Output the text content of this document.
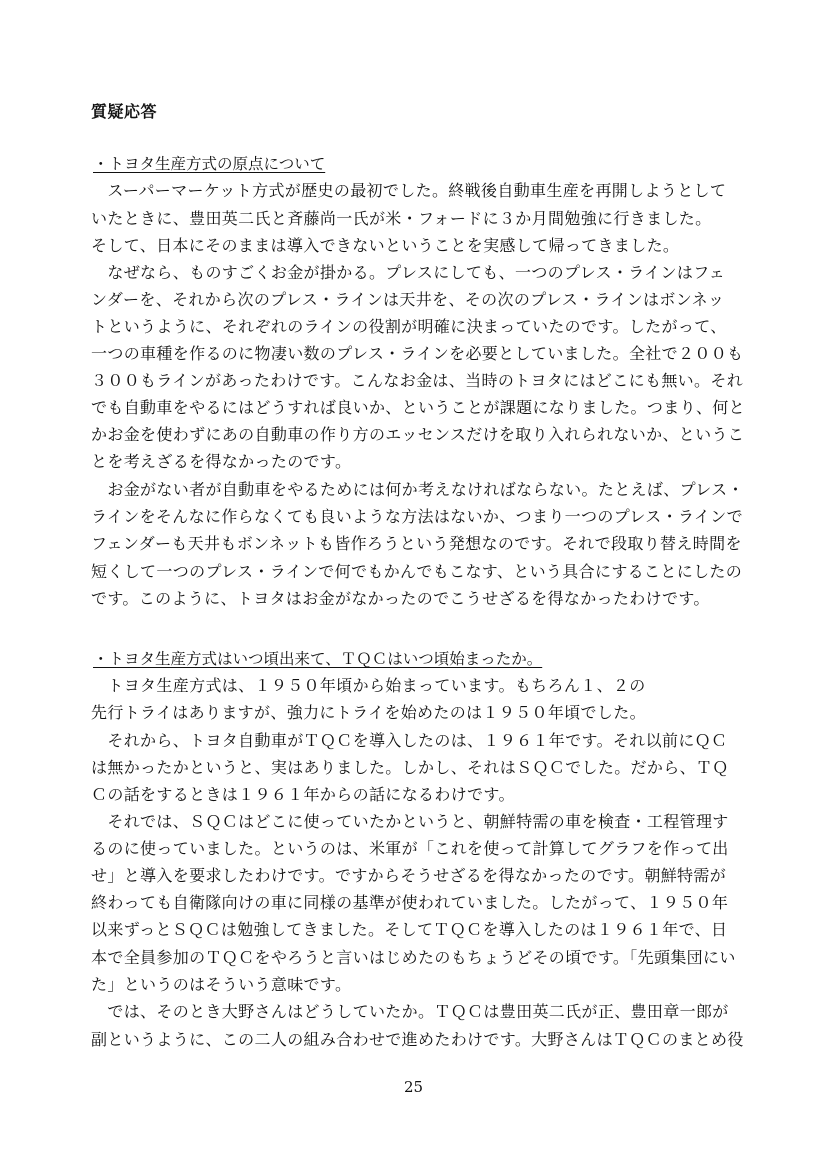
質疑応答
・トヨタ生産方式の原点について
　スーパーマーケット方式が歴史の最初でした。終戦後自動車生産を再開しようとして
いたときに、豊田英二氏と斉藤尚一氏が米・フォードに３か月間勉強に行きました。
そして、日本にそのままは導入できないということを実感して帰ってきました。
　なぜなら、ものすごくお金が掛かる。プレスにしても、一つのプレス・ラインはフェ
ンダーを、それから次のプレス・ラインは天井を、その次のプレス・ラインはボンネッ
トというように、それぞれのラインの役割が明確に決まっていたのです。したがって、
一つの車種を作るのに物凄い数のプレス・ラインを必要としていました。全社で２００も
３００もラインがあったわけです。こんなお金は、当時のトヨタにはどこにも無い。それ
でも自動車をやるにはどうすれば良いか、ということが課題になりました。つまり、何と
かお金を使わずにあの自動車の作り方のエッセンスだけを取り入れられないか、というこ
とを考えざるを得なかったのです。
　お金がない者が自動車をやるためには何か考えなければならない。たとえば、プレス・
ラインをそんなに作らなくても良いような方法はないか、つまり一つのプレス・ラインで
フェンダーも天井もボンネットも皆作ろうという発想なのです。それで段取り替え時間を
短くして一つのプレス・ラインで何でもかんでもこなす、という具合にすることにしたの
です。このように、トヨタはお金がなかったのでこうせざるを得なかったわけです。
・トヨタ生産方式はいつ頃出来て、ＴＱＣはいつ頃始まったか。
　トヨタ生産方式は、１９５０年頃から始まっています。もちろん１、２の
先行トライはありますが、強力にトライを始めたのは１９５０年頃でした。
　それから、トヨタ自動車がＴＱＣを導入したのは、１９６１年です。それ以前にＱＣ
は無かったかというと、実はありました。しかし、それはＳＱＣでした。だから、ＴＱ
Ｃの話をするときは１９６１年からの話になるわけです。
　それでは、ＳＱＣはどこに使っていたかというと、朝鮮特需の車を検査・工程管理す
るのに使っていました。というのは、米軍が「これを使って計算してグラフを作って出
せ」と導入を要求したわけです。ですからそうせざるを得なかったのです。朝鮮特需が
終わっても自衛隊向けの車に同様の基準が使われていました。したがって、１９５０年
以来ずっとＳＱＣは勉強してきました。そしてＴＱＣを導入したのは１９６１年で、日
本で全員参加のＴＱＣをやろうと言いはじめたのもちょうどその頃です。「先頭集団にい
た」というのはそういう意味です。
　では、そのとき大野さんはどうしていたか。ＴＱＣは豊田英二氏が正、豊田章一郎が
副というように、この二人の組み合わせで進めたわけです。大野さんはＴＱＣのまとめ役
25
